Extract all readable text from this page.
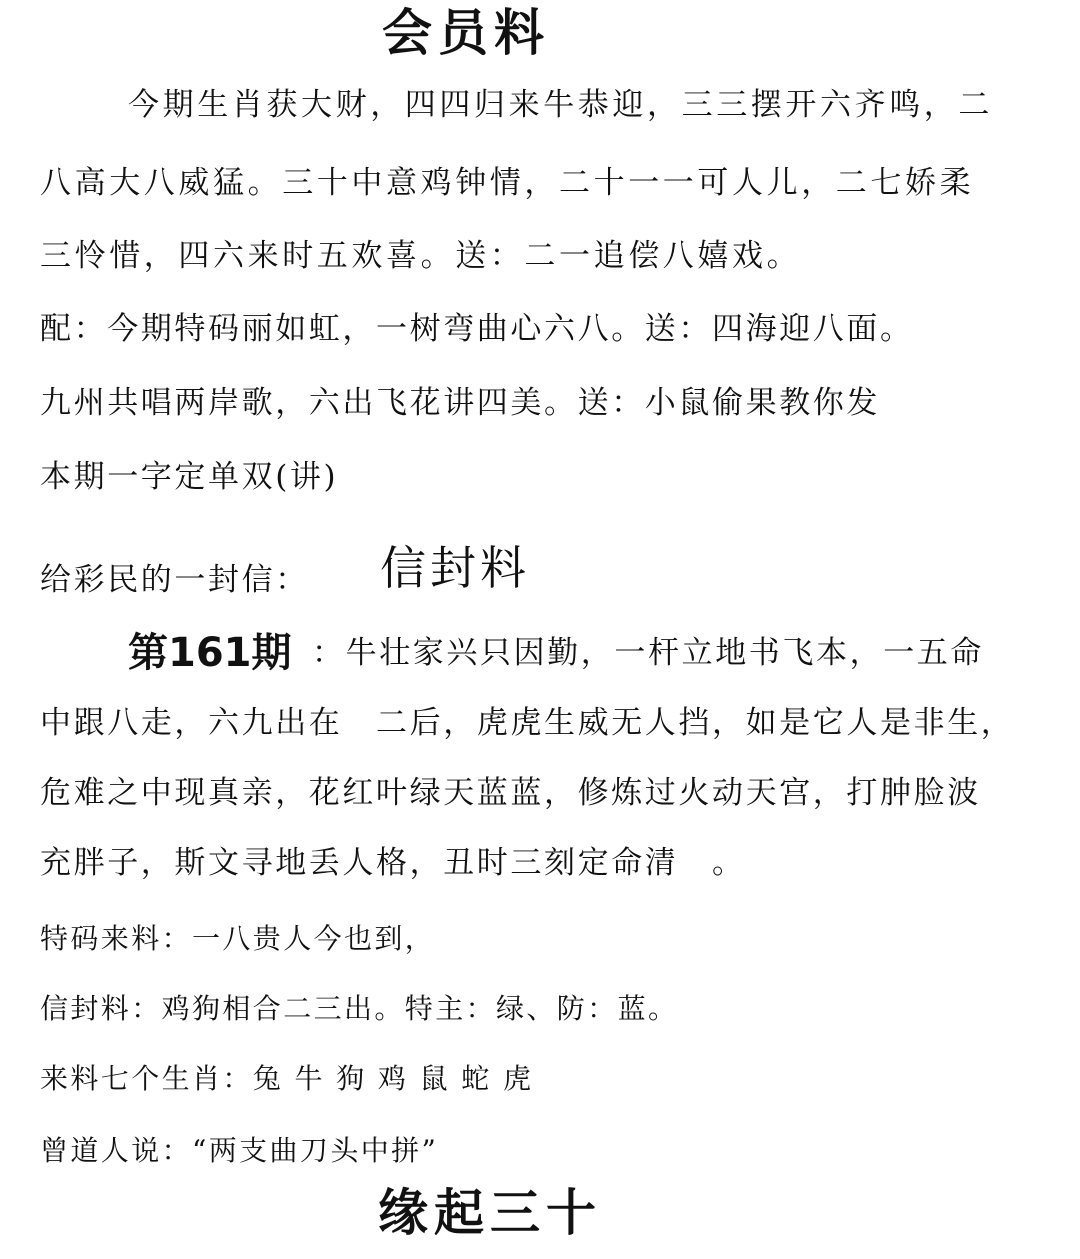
会员料
今期生肖获大财，四四归来牛恭迎，三三摆开六齐鸣，二
八高大八威猛。三十中意鸡钟情，二十一一可人儿，二七娇柔
三怜惜，四六来时五欢喜。送：二一追偿八嬉戏。
配：今期特码丽如虹，一树弯曲心六八。送：四海迎八面。
九州共唱两岸歌，六出飞花讲四美。送：小鼠偷果教你发
本期一字定单双(讲)
给彩民的一封信： 信封料
第161期 ：牛壮家兴只因勤，一杆立地书飞本，一五命
中跟八走，六九出在　二后，虎虎生威无人挡，如是它人是非生，
危难之中现真亲，花红叶绿天蓝蓝，修炼过火动天宫，打肿脸波
充胖子，斯文寻地丢人格，丑时三刻定命清　。
特码来料：一八贵人今也到，
信封料：鸡狗相合二三出。特主：绿、防：蓝。
来料七个生肖：兔 牛 狗 鸡 鼠 蛇 虎
曾道人说：“两支曲刀头中拼”
缘起三十
